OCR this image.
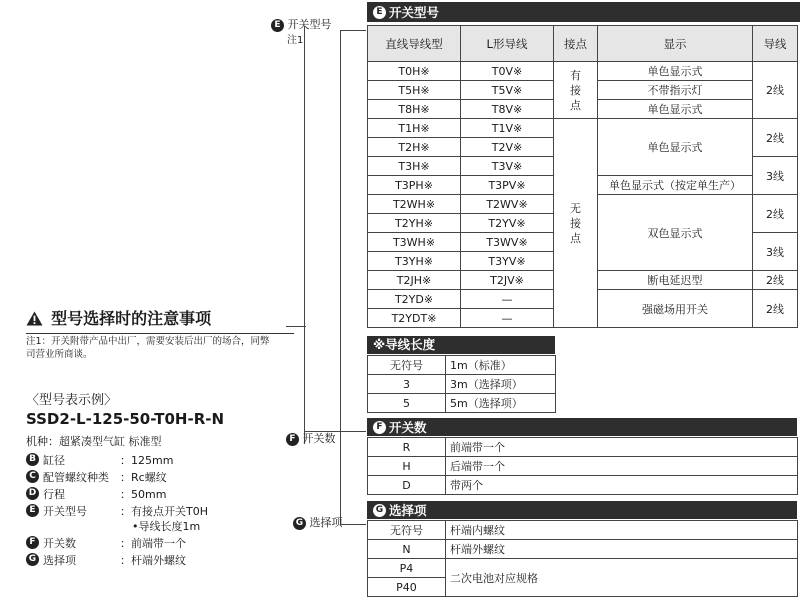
E 开关型号
注1
F 开关数
G 选择项
E 开关型号
直线导线型	L形导线	接点	显示	导线
T0H※	T0V※	有接点	单色显示式	2线
T5H※	T5V※		不带指示灯	
T8H※	T8V※		单色显示式	
T1H※	T1V※	无接点	单色显示式	2线
T2H※	T2V※			
T3H※	T3V※			3线
T3PH※	T3PV※		单色显示式（按定单生产）	
T2WH※	T2WV※		双色显示式	2线
T2YH※	T2YV※			
T3WH※	T3WV※			3线
T3YH※	T3YV※			
T2JH※	T2JV※		断电延迟型	2线
T2YD※	—		强磁场用开关	2线
T2YDT※	—			
※导线长度
无符号	1m（标准）
3	3m（选择项）
5	5m（选择项）
F 开关数
R	前端带一个
H	后端带一个
D	带两个
G 选择项
无符号	杆端内螺纹
N	杆端外螺纹
P4	二次电池对应规格
P40	
型号选择时的注意事项
注1：开关附带产品中出厂，需要安装后出厂的场合，同弊司营业所商谈。
〈型号表示例〉
SSD2-L-125-50-T0H-R-N
机种：超紧凑型气缸 标准型
B 缸径	：125mm
C 配管螺纹种类 ：Rc螺纹
D 行程	：50mm
E 开关型号	：有接点开关T0H
•导线长度1m
F 开关数	：前端带一个
G 选择项	：杆端外螺纹
